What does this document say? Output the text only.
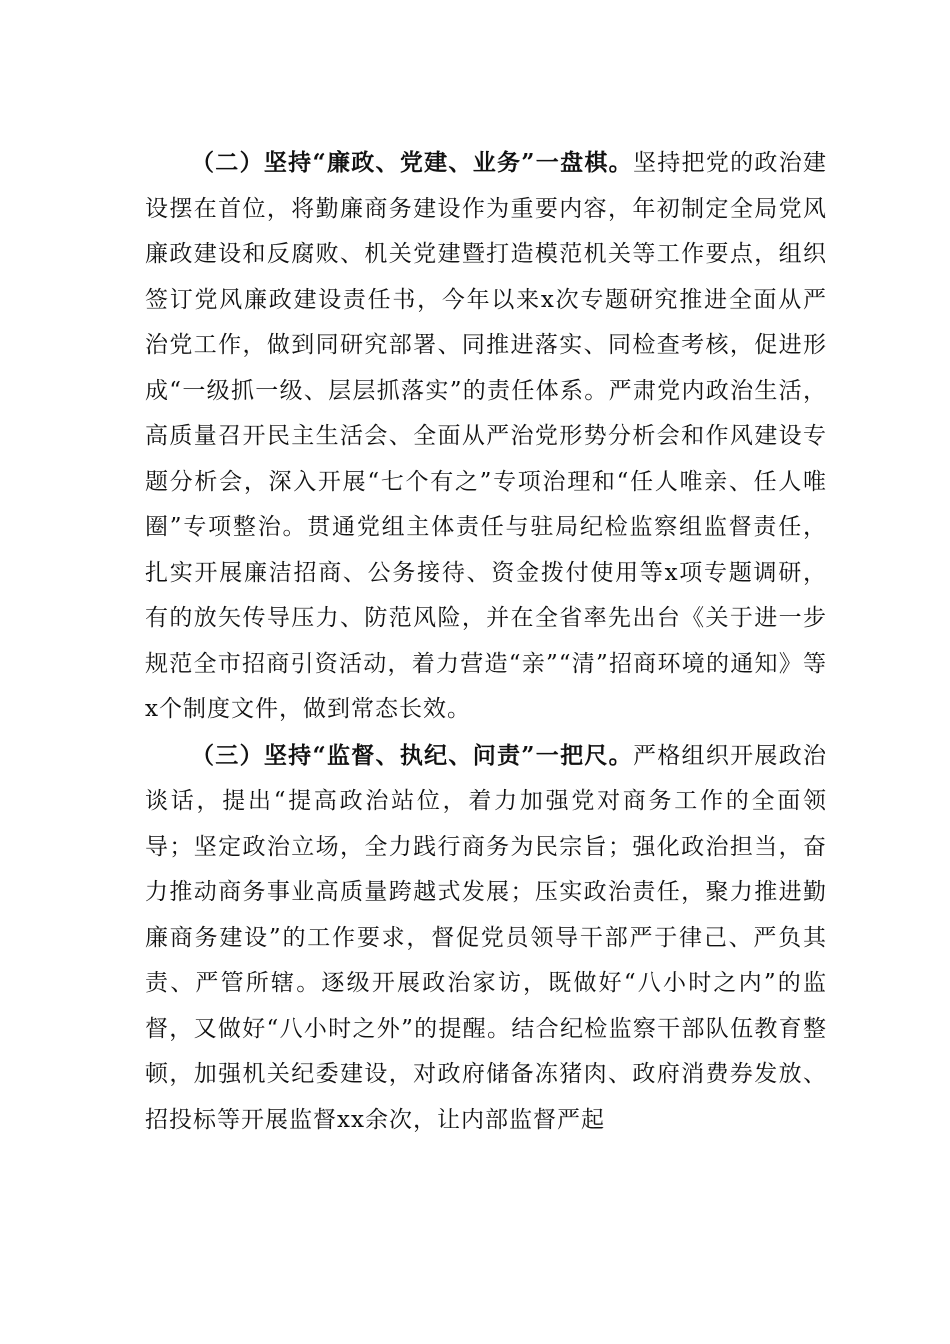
（二）坚持“廉政、党建、业务”一盘棋。坚持把党的政治建设摆在首位，将勤廉商务建设作为重要内容，年初制定全局党风廉政建设和反腐败、机关党建暨打造模范机关等工作要点，组织签订党风廉政建设责任书，今年以来x次专题研究推进全面从严治党工作，做到同研究部署、同推进落实、同检查考核，促进形成“一级抓一级、层层抓落实”的责任体系。严肃党内政治生活，高质量召开民主生活会、全面从严治党形势分析会和作风建设专题分析会，深入开展“七个有之”专项治理和“任人唯亲、任人唯圈”专项整治。贯通党组主体责任与驻局纪检监察组监督责任，扎实开展廉洁招商、公务接待、资金拨付使用等x项专题调研，有的放矢传导压力、防范风险，并在全省率先出台《关于进一步规范全市招商引资活动，着力营造“亲”“清”招商环境的通知》等x个制度文件，做到常态长效。

（三）坚持“监督、执纪、问责”一把尺。严格组织开展政治谈话，提出“提高政治站位，着力加强党对商务工作的全面领导；坚定政治立场，全力践行商务为民宗旨；强化政治担当，奋力推动商务事业高质量跨越式发展；压实政治责任，聚力推进勤廉商务建设”的工作要求，督促党员领导干部严于律己、严负其责、严管所辖。逐级开展政治家访，既做好“八小时之内”的监督，又做好“八小时之外”的提醒。结合纪检监察干部队伍教育整顿，加强机关纪委建设，对政府储备冻猪肉、政府消费券发放、招投标等开展监督xx余次，让内部监督严起
